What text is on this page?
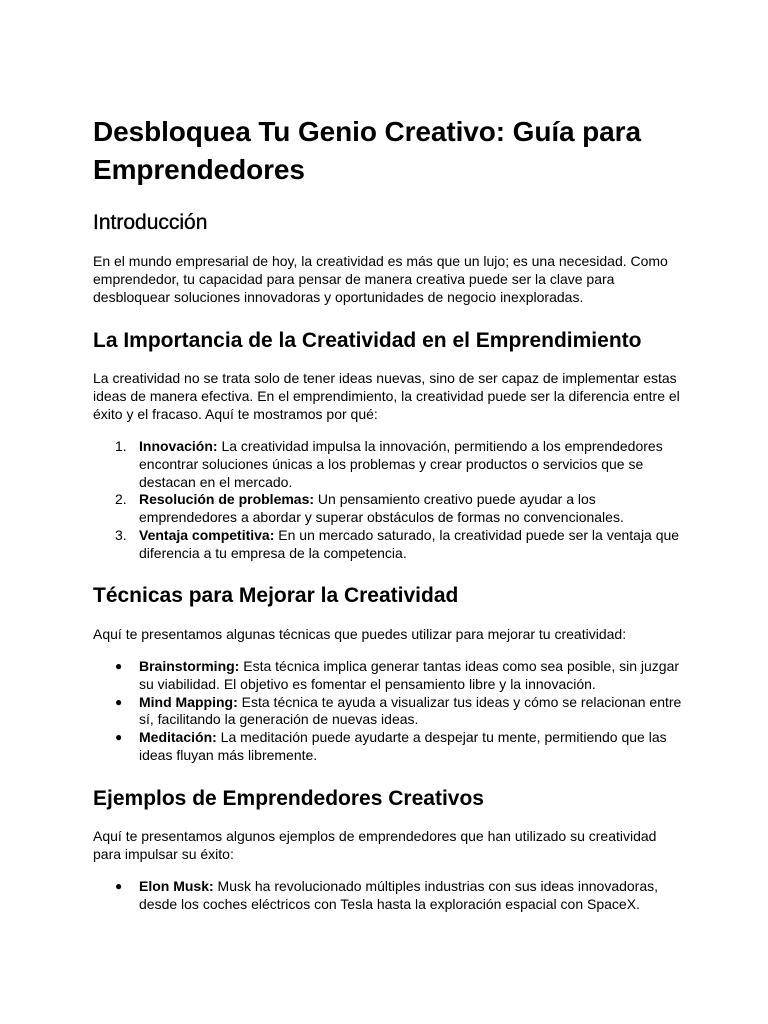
Desbloquea Tu Genio Creativo: Guía para Emprendedores
Introducción

En el mundo empresarial de hoy, la creatividad es más que un lujo; es una necesidad. Como emprendedor, tu capacidad para pensar de manera creativa puede ser la clave para desbloquear soluciones innovadoras y oportunidades de negocio inexploradas.

La Importancia de la Creatividad en el Emprendimiento

La creatividad no se trata solo de tener ideas nuevas, sino de ser capaz de implementar estas ideas de manera efectiva. En el emprendimiento, la creatividad puede ser la diferencia entre el éxito y el fracaso. Aquí te mostramos por qué:

1. Innovación: La creatividad impulsa la innovación, permitiendo a los emprendedores encontrar soluciones únicas a los problemas y crear productos o servicios que se destacan en el mercado.
2. Resolución de problemas: Un pensamiento creativo puede ayudar a los emprendedores a abordar y superar obstáculos de formas no convencionales.
3. Ventaja competitiva: En un mercado saturado, la creatividad puede ser la ventaja que diferencia a tu empresa de la competencia.
Técnicas para Mejorar la Creatividad

Aquí te presentamos algunas técnicas que puedes utilizar para mejorar tu creatividad:

● Brainstorming: Esta técnica implica generar tantas ideas como sea posible, sin juzgar su viabilidad. El objetivo es fomentar el pensamiento libre y la innovación.
● Mind Mapping: Esta técnica te ayuda a visualizar tus ideas y cómo se relacionan entre sí, facilitando la generación de nuevas ideas.
● Meditación: La meditación puede ayudarte a despejar tu mente, permitiendo que las ideas fluyan más libremente.
Ejemplos de Emprendedores Creativos

Aquí te presentamos algunos ejemplos de emprendedores que han utilizado su creatividad para impulsar su éxito:

● Elon Musk: Musk ha revolucionado múltiples industrias con sus ideas innovadoras, desde los coches eléctricos con Tesla hasta la exploración espacial con SpaceX.
